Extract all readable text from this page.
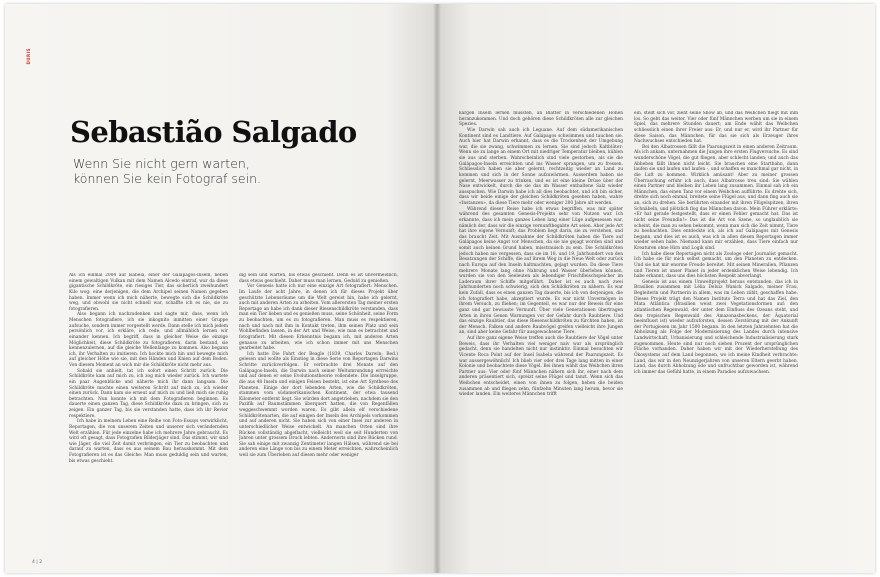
DURIS
Sebastião Salgado
Wenn Sie nicht gern warten,
können Sie kein Fotograf sein.

Als ich einmal 2004 auf Isabela, einer der Galápagos-Inseln, neben einem gewaltigen Vulkan mit dem Namen Alcedo eintraf, war da diese gigantische Schildkröte, ein riesiges Tier, das sicherlich zweihundert Kilo wog: eine derjenigen, die dem Archipel seinen Namen gegeben haben. Immer wenn ich mich näherte, bewegte sich die Schildkröte weg, und obwohl sie nicht schnell war, schaffte ich es nie, sie zu fotografieren.

Also begann ich nachzudenken und sagte mir, dass, wenn ich Menschen fotografiere, ich sie inkognito inmitten einer Gruppe aufsuche, sondern immer vorgestellt werde. Dann stelle ich mich jedem persönlich vor, ich erkläre, ich rede, und allmählich lernen wir einander kennen. Ich begriff, dass in gleicher Weise die einzige Möglichkeit, diese Schildkröte zu fotografieren, darin bestand, sie kennenzulernen, auf die gleiche Wellenlänge zu kommen. Also begann ich, ihr Verhalten zu imitieren: Ich hockte mich hin und bewegte mich auf gleicher Höhe wie sie, mit den Händen und Knien auf dem Boden. Von diesem Moment an wich mir die Schildkröte nicht mehr aus.

Sobald sie anhielt, tat ich sofort einen Schritt zurück. Die Schildkröte kam auf mich zu, ich zog mich wieder zurück. Ich wartete ein paar Augenblicke und näherte mich ihr dann langsam. Die Schildkröte machte einen weiteren Schritt auf mich zu, ich wieder einen zurück. Dann kam sie erneut auf mich zu und ließ mich sie ruhig betrachten. Nun konnte ich mit dem Fotografieren beginnen. Es dauerte einen ganzen Tag, diese Schildkröte dazu zu bringen, sich zu zeigen. Ein ganzer Tag, bis sie verstanden hatte, dass ich ihr Revier respektiere.

Ich habe in meinem Leben eine Reihe von Foto-Essays verwirklicht, Reportagen, die von unserem Zeiten und unserer sich verändernden Welt erzählen. Für jede einzelne habe ich mehrere Jahre gebraucht. Es wird oft gesagt, dass Fotografien Bilderjäger sind. Das stimmt, wir sind wie Jäger, die viel Zeit damit verbringen, ein Tier zu beobachten und darauf zu warten, dass es aus seinem Bau herauskommt. Mit dem Fotografieren ist es das Gleiche: Man muss geduldig sein und warten, bis etwas geschieht.

dig sein und warten, bis etwas geschieht. Denn es ist unvermeidlich, dass etwas geschieht. Daher muss man lernen, Geduld zu genießen.

Vor Genesis hatte ich nur eine einzige Art fotografiert: Menschen. Im Laufe der acht Jahre, in denen ich für dieses Projekt über geschützte Lebensräume um die Welt gereist bin, habe ich gelernt, auch mit anderen Arten zu arbeiten. Vom allerersten Tag meiner ersten Reportage an habe ich dank dieser Riesenschildkröte verstanden, dass man ein Tier lieben und es genießen muss, seine Schönheit, seine Form zu beobachten, um es zu fotografieren. Man muss es respektieren, nach und nach mit ihm in Kontakt treten, ihm seinen Platz und sein Wohlbefinden lassen, in der Art und Weise, wie man es betrachtet und fotografiert. Mit diesen Erkenntnis begann ich, mit anderen Arten genauso zu arbeiten, wie ich schon immer mit uns Menschen gearbeitet habe.

Ich hatte Die Fahrt der Beagle (1839, Charles Darwin; Red.) gelesen und wollte als Einstieg in diese Serie von Reportagen Darwins Schritte zurückverfolgen. Er verbrachte drei Monate auf den Galápagos-Inseln, die Darwin nach seiner Weltumrundung errreichte und auf denen er seine Evolutionstheorie vollendete. Die Inselgruppe, die aus 48 Inseln und einigen Felsen besteht, ist eine Art Synthese des Planeten. Einige der dort lebenden Arten, wie die Schildkröten, stammen vom südamerikanischen Kontinent, der etwa tausend Kilometer entfernt liegt. Sie würden dort angetrieben, nachdem sie den Pazifik auf Baumstämmen überquert hatten, die von Regenfällen weggeschwemmt worden waren. Es gibt allein elf verschiedene Schildkrötenarten, die auf einigen der Inseln des Archipels vorkommen und auf anderen nicht. Sie haben sich von einer Insel zur anderen in unterschiedlicher Weise entwickelt. An manchen Orten sind ihre Rücken vollständig abgeflacht, vielleicht weil sie seit Hunderten von Jahren unter grossem Druck lebten. Andernorts sind ihre Rücken rund. Sie sah einige mit zwanzig Zentimeter langen Hälsen, während sie bei anderen eine Länge von bis zu einem Meter erreichten, wahrscheinlich weil sie zum Überleben auf diesen mehr oder weniger

4 | 2

kargen Inseln lernen mussten, an Blätter in verschiedenen Höhen heranzukommen. Und doch gehören diese Schildkröten alle zur gleichen Spezies.

Wie Darwin sah auch ich Leguane. Auf dem südamerikanischen Kontinent sind es Landtiere. Auf Galápagos schwimmen und tauchen sie. Auch hier hat Darwin erkannt, dass es die Trockenheit der Umgebung war, die sie zwang, schwimmen zu lernen. Sie sind jedoch Kaltblüter: Wenn sie zu lange an einem Ort mit niedriger Temperatur bleiben, kühlen sie aus und sterben. Wahrscheinlich sind viele gestorben, als sie die Galápagos-Inseln erreichten und ins Wasser sprangen, um zu fressen. Schliesslich haben sie aber gelernt, rechtzeitig wieder an Land zu kommen und sich in der Sonne aufzuwärmen. Ausserdem haben sie gelernt, Meerwasser zu trinken, und es ist eine kleine Drüse über der Nase entwickelt, durch die sie das im Wasser enthaltene Salz wieder ausspucken. Wie Darwin habe ich all dies beobachtet, und ich bin sicher, dass wir beide einige der gleichen Schildkröten gesehen haben, wahre «Instanzen», da diese Tiere mehr oder weniger 200 Jahre alt werden.

Während dieser Reise habe ich etwas begriffen, was mir später während des gesamten Genesis-Projekts sehr von Nutzen war. Ich erkannte, dass ich mein ganzes Leben lang einer Lüge aufgesessen war, nämlich der, dass wir die einzige vernunftbegabte Art seien. Aber jede Art hat ihre eigene Vernunft; das Problem liegt darin, sie zu verstehen, und das braucht Zeit. Mit Ausnahme der Schildkröten haben die Tiere auf Galápagos keine Angst vor Menschen, da sie nie gejagt worden sind und somit auch keinen Grund haben, misstrauisch zu sein. Die Schildkröten jedoch haben nie vergessen, dass sie im 18. und 19. Jahrhundert von den Besatzungen der Schiffe, die auf ihrem Weg in die Neue Welt oder zurück nach Europa auf den Inseln haltmachten, gejagt wurden. Da diese Tiere mehrere Monate lang ohne Nahrung und Wasser überleben können, wurden sie von den Seeleuten als lebendiger Frischfleischspeicher im Laderaum ihrer Schiffe mitgeführt. Daher ist es auch nach zwei Jahrhunderten noch schwierig, sich den Schildkröten zu nähern. Es war kein Zufall, dass es einen ganzen Tag dauerte, bis ich von derjenigen, die ich fotografiert habe, akzeptiert wurde. Es war nicht Unvermögen in ihrem Versuch, zu fliehen; im Gegenteil, es war nur der Beweis für eine ganz und gar bewusste Vernunft. Über viele Generationen übertragen Arten in ihren Genen Warnungen vor der Gefahr durch Raubtiere. Und das einzige Raubtier, das diese Riesenschildkröten zu fürchten haben, ist der Mensch. Falken und andere Raubvögel greifen vielleicht ihre Jungen an, sind aber keine Gefahr für ausgewachsene Tiere.

Auf ihre ganz eigene Weise treffen auch die Raubtiere der Vögel unter Beweis, dass ihr Verhalten viel weniger naiv war als ursprünglich gedacht, denn sie handelten nicht nur instinktiv. Einmal besuchten wir Vicente Roca Point auf der Insel Isabela während der Paarungszeit. Es war aussergewöhnlich! Ich blieb vier oder drei Tage lang mitten in einer Kolonie und beobachtete diese Vögel. Bei ihnen wählt das Weibchen ihren Partner aus: Vier oder fünf Männchen nähern sich ihr, einer nach dem anderen präsentiert sich, spreizt seine Flügel und tanzt. Wenn sich das Weibchen entscheidet, einen von ihnen zu folgen, heben die beiden zusammen ab und fliegen zehn, fünfzehn Minuten lang herum, bevor sie wieder landen. Ein weiteres Männchen trifft

ein, stellt sich vor, zieht seine Show ab, und das Weibchen fliegt mit ihm los. So geht das weiter. Vier oder fünf Männchen werben um sie in einem Spiel, das mehrere Stunden dauert; am Ende wählt das Weibchen schliesslich einen ihrer Freier aus: Er, und nur er, wird ihr Partner für diese Saison, das Männchen, für das sie sich als Erzeuger ihres Nachwuchses entschieden hat.

Bei den Albatrossen fällt die Paarungszeit in einen anderen Zeitraum. Als ich ankam, unternahmen die Jungen ihre ersten Flugversuche. Es sind wunderschöne Vögel, die gut fliegen, aber schlecht landen; und auch das Abheben fällt ihnen nicht leicht. Sie brauchen eine Startbahn, dann laufen sie und laufen und laufen -, und schaffen es manchmal gar nicht, in die Luft zu kommen. Wirklich amüsant! Aber zu meiner grossen Überraschung erfuhr ich auch, dass Albatrosse treu sind: Sie wählen einen Partner und bleiben ihr Leben lang zusammen. Einmal sah ich ein Männchen, das einen Tanz vor einem Weibchen aufführte. Es drehte sich, drehte sich noch einmal, breitete seine Flügel aus, und dann fing auch sie an, sich zu drehen. Sie berührten einander mit ihren Flügelspitzen, ihren Schnäbeln, und plötzlich flog das Männchen davon. Mein Führer erklärte: «Er hat gerade festgestellt, dass er einen Fehler gemacht hat. Das ist nicht seine Freundin!» Das ist die Art von Szene, so unglaublich sie scheint, die man zu sehen bekommt, wenn man sich die Zeit nimmt, Tiere zu beobachten. Dies entdeckte ich, als ich auf Galápagos mit Genesis begann, und dies ist es auch, was ich in allen diesen Reportagen immer wieder sehen habe. Niemand kann mir erzählen, dass Tiere einfach nur Kreaturen ohne Hirn und Logik sind.

Ich habe diese Reportagen nicht als Zoologe oder Journalist gemacht. Ich habe sie für mich selbst gemacht, um den Planeten zu entdecken. Und sie hat mir enorme Freude bereitet. Mit seinen Mineralien, Pflanzen und Tieren ist unser Planet in jeder erdenklichen Weise lebendig. Ich habe erkannt, dass uns dies höchsten Respekt abverlangt.

Genesis ist aus einem Umweltprojekt heraus entstanden, das ich in Brasilien zusammen mit Lélia Deluiz Wanick Salgado, meiner Frau, Begleiterin und Partnerin in allem, was im Leben zählt, geschaffen habe. Dieses Projekt trägt den Namen Instituto Terra und hat das Ziel, den Mata Atlântica (Brasilien weist zwei Vegetationsformen auf: den atlantischen Regenwald, der unter dem Einfluss des Ozeans steht, und den tropischen Regenwald des Amazonasbeckens, der Äquatorial beeinflusst ist) wieder aufzuforsten, dessen Zerstörung mit der Ankunft der Portugiesen im Jahr 1500 begann. In den letzten Jahrzehnten hat die Abholzung als Folge der Modernisierung des Landes durch intensive Landwirtschaft, Urbanisierung und schleichende Industrialisierung stark zugenommen. Heute sind nur noch sieben Prozent der ursprünglichen Fläche vorhanden. Daher haben wir mit der Wiederherstellung des Ökosystems auf dem Land begonnen, wo ich meine Kindheit verbrachte: Land, das wir in den Neunzigerjahren von unseren Eltern geerbt haben. Land, das durch Abholzung öde und unfruchtbar geworden ist, während ich immer das Gefühl hatte, in einem Paradies aufzuwachsen.
